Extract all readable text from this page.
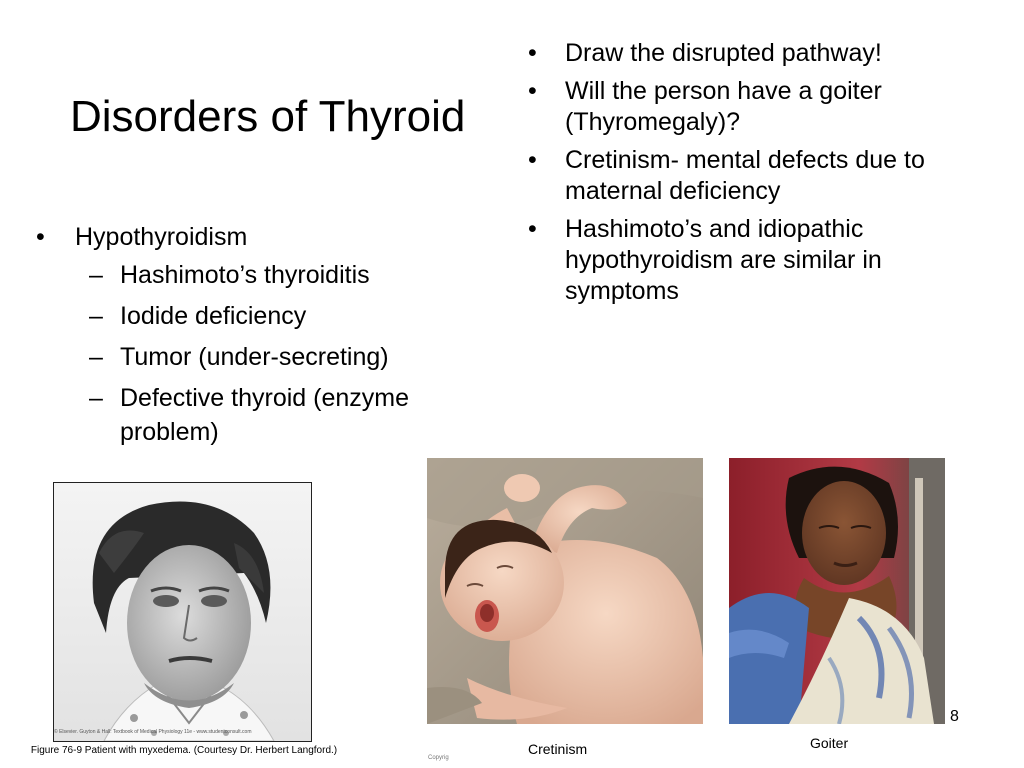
Disorders of Thyroid
• Draw the disrupted pathway!
• Will the person have a goiter (Thyromegaly)?
• Cretinism- mental defects due to maternal deficiency
• Hashimoto’s and idiopathic hypothyroidism are similar in symptoms
• Hypothyroidism
– Hashimoto’s thyroiditis
– Iodide deficiency
– Tumor (under-secreting)
– Defective thyroid (enzyme problem)
© Elsevier. Guyton & Hall: Textbook of Medical Physiology 11e - www.studentconsult.com
Figure 76-9 Patient with myxedema. (Courtesy Dr. Herbert Langford.)	Cretinism
Copyrig
Goiter
8
